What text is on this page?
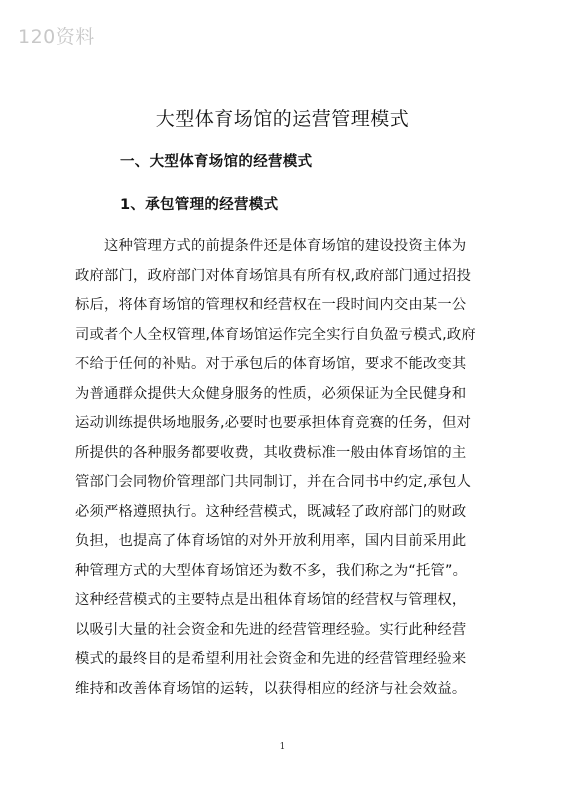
120资料
大型体育场馆的运营管理模式
一、大型体育场馆的经营模式
1、承包管理的经营模式
这种管理方式的前提条件还是体育场馆的建设投资主体为
政府部门，政府部门对体育场馆具有所有权,政府部门通过招投
标后，将体育场馆的管理权和经营权在一段时间内交由某一公
司或者个人全权管理,体育场馆运作完全实行自负盈亏模式,政府
不给于任何的补贴。对于承包后的体育场馆，要求不能改变其
为普通群众提供大众健身服务的性质，必须保证为全民健身和
运动训练提供场地服务,必要时也要承担体育竞赛的任务，但对
所提供的各种服务都要收费，其收费标准一般由体育场馆的主
管部门会同物价管理部门共同制订，并在合同书中约定,承包人
必须严格遵照执行。这种经营模式，既减轻了政府部门的财政
负担，也提高了体育场馆的对外开放利用率，国内目前采用此
种管理方式的大型体育场馆还为数不多，我们称之为“托管”。
这种经营模式的主要特点是出租体育场馆的经营权与管理权，
以吸引大量的社会资金和先进的经营管理经验。实行此种经营
模式的最终目的是希望利用社会资金和先进的经营管理经验来
维持和改善体育场馆的运转，以获得相应的经济与社会效益。
1
